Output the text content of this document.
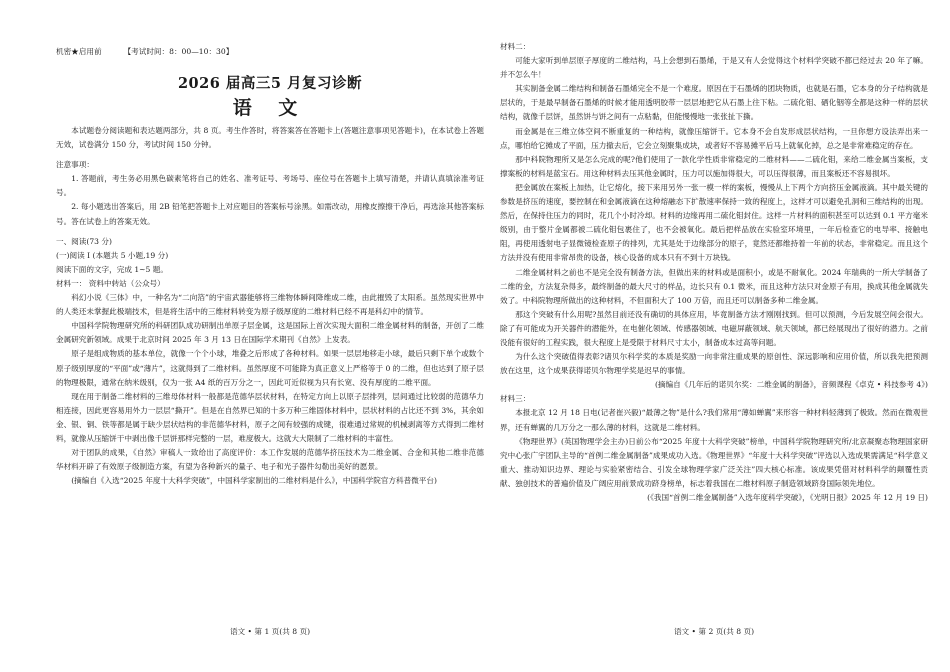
机密★启用前	【考试时间：8：00—10：30】
2026 届高三5 月复习诊断
语 文

本试题卷分阅读题和表达题两部分，共 8 页。考生作答时，将答案答在答题卡上(答题注意事项见答题卡)，在本试卷上答题无效，试卷满分 150 分，考试时间 150 分钟。

注意事项：

1. 答题前，考生务必用黑色碳素笔将自己的姓名、准考证号、考场号、座位号在答题卡上填写清楚，并请认真填涂准考证号。

2. 每小题选出答案后，用 2B 铅笔把答题卡上对应题目的答案标号涂黑。如需改动，用橡皮擦擦干净后，再选涂其他答案标号。答在试卷上的答案无效。

一、阅读(73 分)

(一)阅读 I (本题共 5 小题,19 分)

阅读下面的文字，完成 1~5 题。

材料一： 资料中转站（公众号）

科幻小说《三体》中，一种名为“二向箔”的宇宙武器能够将三维物体瞬间降维成二维，由此摧毁了太阳系。虽然现实世界中的人类还未掌握此极端技术，但是将生活中的三维材料转变为原子级厚度的二维材料已经不再是科幻中的情节。

中国科学院物理研究所的科研团队成功研制出单原子层金属，这是国际上首次实现大面积二维金属材料的制备，开创了二维金属研究新领域。成果于北京时间 2025 年 3 月 13 日在国际学术期刊《自然》上发表。

原子是组成物质的基本单位，就像一个个小球，堆叠之后形成了各种材料。如果一层层地移走小球，最后只剩下单个或数个原子级别厚度的“平面”或“薄片”，这就得到了二维材料。虽然厚度不可能降为真正意义上严格等于 0 的二维，但也达到了原子层的物理极限，通常在纳米级别，仅为一张 A4 纸的百万分之一，因此可近似视为只有长宽、没有厚度的二维平面。

现在用于制备二维材料的三维母体材料一般都是范德华层状材料，在特定方向上以原子层排列，层间通过比较弱的范德华力相连接，因此更容易用外力一层层“撕开”。但是在自然界已知的十多万种三维固体材料中，层状材料的占比还不到 3%，其余如金、银、铜、铁等都是属于缺少层状结构的非范德华材料，原子之间有较强的成键，很难通过常规的机械剥离等方式得到二维材料，就像从压缩饼干中剥出像千层饼那样完整的一层，难度极大。这就大大限制了二维材料的丰富性。

对于团队的成果，《自然》审稿人一致给出了高度评价：本工作发展的范德华挤压技术为二维金属、合金和其他二维非范德华材料开辟了有效原子级制造方案，有望为各种新兴的量子、电子和光子器件勾勒出美好的愿景。

(摘编自《入选“2025 年度十大科学突破”，中国科学家制出的二维材料是什么》，中国科学院官方科普微平台)

语文 • 第 1 页(共 8 页)

材料二：

可能大家听到单层原子厚度的二维结构，马上会想到石墨烯，于是又有人会觉得这个材料学突破不都已经过去 20 年了嘛。并不怎么牛！

其实制备金属二维结构和制备石墨烯完全不是一个难度。原因在于石墨烯的团块物质，也就是石墨，它本身的分子结构就是层状的，于是最早制备石墨烯的时候才能用透明胶带一层层地把它从石墨上往下粘。二硫化钼、硒化铟等全都是这种一样的层状结构，就像千层饼，虽然饼与饼之间有一点粘黏，但能慢慢地一张张扯下撕。

而金属是在三维立体空间不断重复的一种结构，就像压缩饼干。它本身不会自发形成层状结构，一旦你想方设法弄出来一点，哪怕给它摊成了平面，压力撤去后，它会立刻聚集成块，或者好不容易摊平后马上就氧化掉，总之是非常难稳定的存在。

那中科院物理所又是怎么完成的呢?他们使用了一款化学性质非常稳定的二维材料——二硫化钼，来给二维金属当案板，支撑案板的材料是蓝宝石。用这种材料去压其他金属时，压力可以施加得很大，可以压得很薄，而且案板还不容易损坏。

把金属放在案板上加热，让它熔化，接下来用另外一张一模一样的案板，慢慢从上下两个方向挤压金属液滴。其中最关键的参数是挤压的速度，要控制在和金属液滴在这种熔融态下扩散速率保持一致的程度上，这样才可以避免孔洞和三维结构的出现。然后，在保持住压力的同时，花几个小时冷却。材料的边缘再用二硫化钼封住。这样一片材料的面积甚至可以达到 0.1 平方毫米级别，由于整片金属都被二硫化钼包裹住了，也不会被氧化。最后把样品放在实验室环境里，一年后检查它的电导率、接触电阻，再使用透射电子显微镜检查原子的排列，尤其是处于边缘部分的原子，竟然还都维持着一年前的状态，非常稳定。而且这个方法并没有使用非常昂贵的设备，核心设备的成本只有不到十万块钱。

二维金属材料之前也不是完全没有制备方法，但做出来的材料或是面积小，或是不耐氧化。2024 年瑞典的一所大学制备了二维的金，方法复杂得多，最终制备的最大尺寸的样品，边长只有 0.1 微米，而且这种方法只对金原子有用，换成其他金属就失效了。中科院物理所做出的这种材料，不但面积大了 100 万倍，而且还可以制备多种二维金属。

那这个突破有什么用呢?虽然目前还没有确切的具体应用，毕竟制备方法才刚刚找到。但可以预测，今后发展空间会很大。除了有可能成为开关器件的潜能外，在电催化领域、传感器领域、电磁屏蔽领域、航天领域，都已经展现出了很好的潜力。之前没能有很好的工程实践，很大程度上是受限于材料尺寸太小，制备成本过高等问题。

为什么这个突破值得表彰?诸贝尔科学奖的本质是奖励一向非常注重成果的原创性、深远影响和应用价值，所以我先把预测放在这里，这个成果获得诺贝尔物理学奖是迟早的事情。

(摘编自《几年后的诺贝尔奖：二维金属的制备》，音频课程《卓克 • 科技参考 4》)

材料三：

本报北京 12 月 18 日电(记者崔兴毅)“最薄之物”是什么?我们常用“薄如蝉翼”来形容一种材料轻薄到了极致。然而在微观世界，还有蝉翼的几万分之一那么薄的材料，这就是二维材料。

《物理世界》(英国物理学会主办)日前公布“2025 年度十大科学突破”榜单，中国科学院物理研究所/北京凝聚态物理国家研究中心张广宇团队主导的“首例二维金属制备”成果成功入选。《物理世界》“年度十大科学突破”评选以入选成果需满足“科学意义重大、推动知识边界、理论与实验紧密结合、引发全球物理学家广泛关注”四大核心标准。该成果凭借对材料科学的颠覆性贡献、独创技术的普遍价值及广阔应用前景成功跻身榜单，标志着我国在二维材料原子制造领域跻身国际领先地位。

(《我国“首例二维金属制备”入选年度科学突破》，《光明日报》2025 年 12 月 19 日)

语文 • 第 2 页(共 8 页)
